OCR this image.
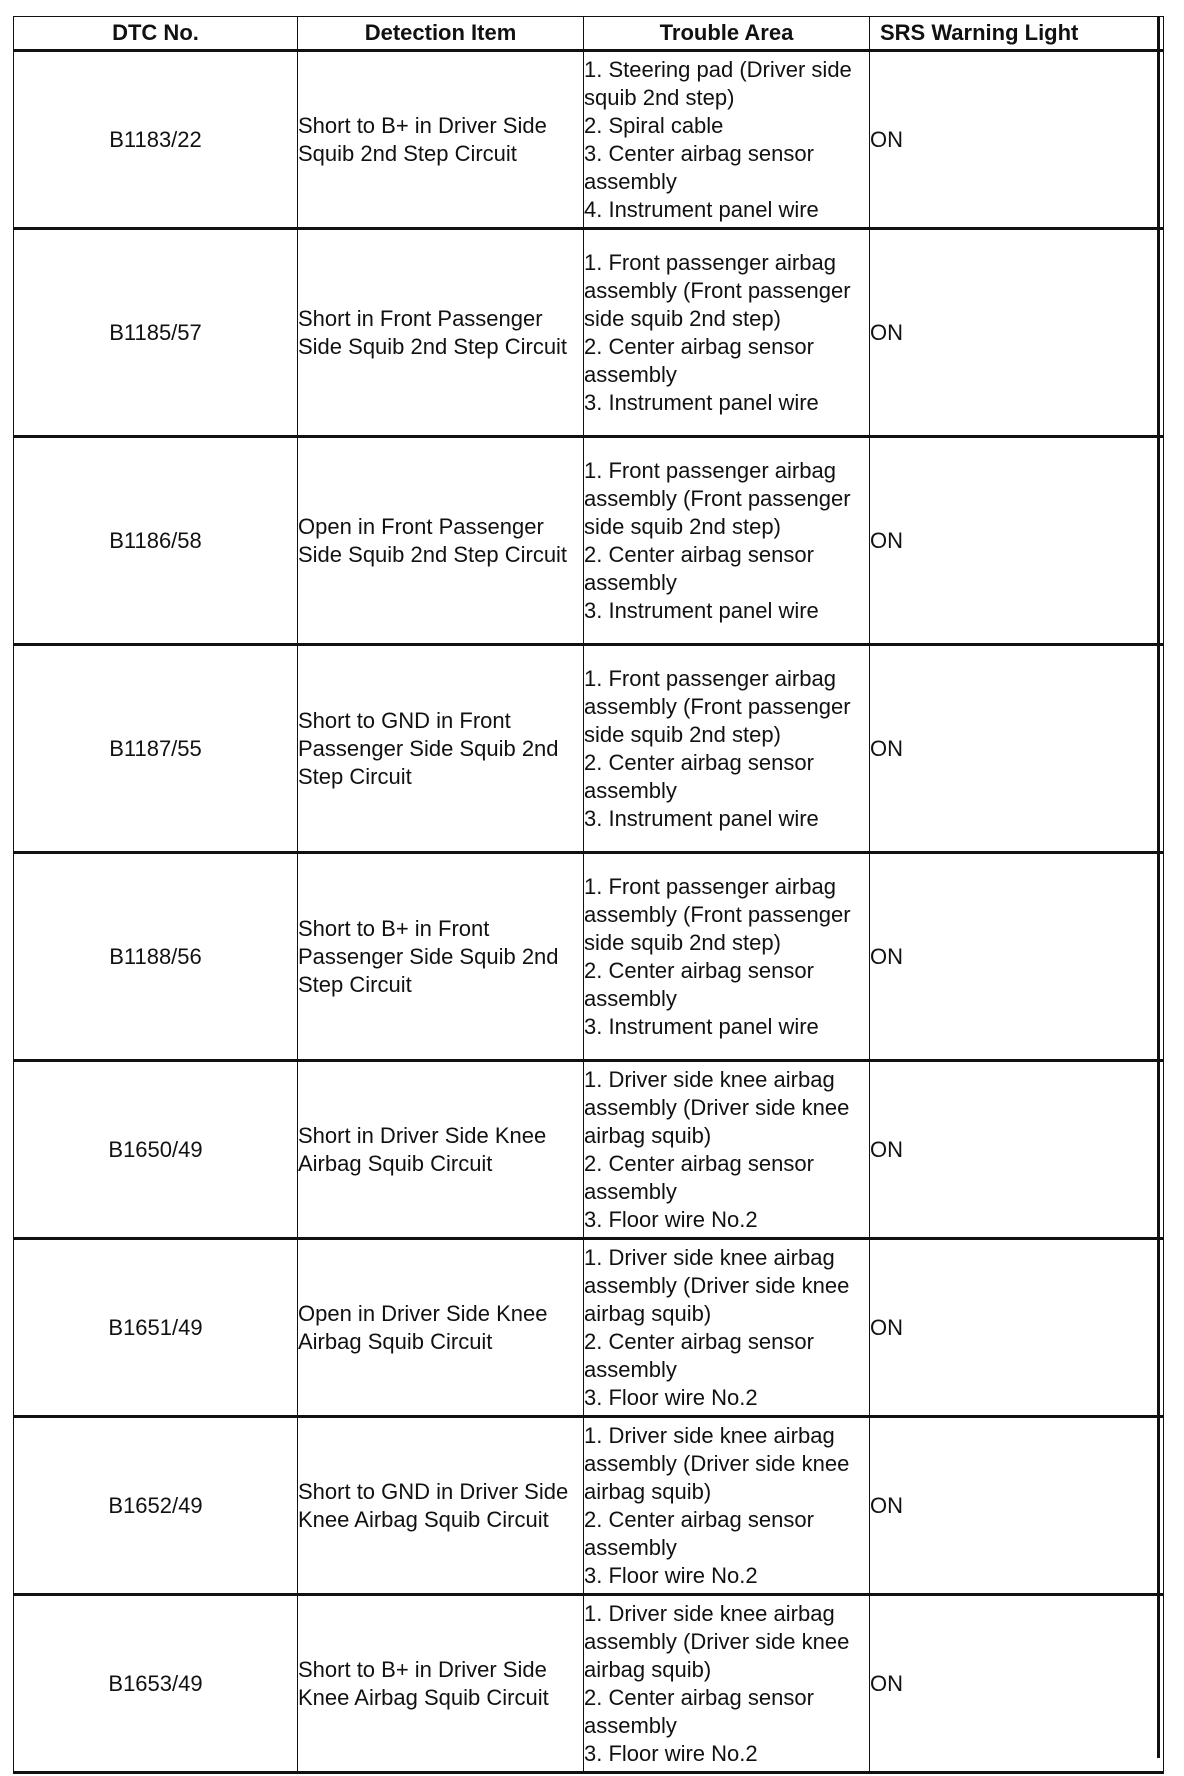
DTC No.	Detection Item	Trouble Area	SRS Warning Light
B1183/22	Short to B+ in Driver Side Squib 2nd Step Circuit	1. Steering pad (Driver side squib 2nd step)
2. Spiral cable
3. Center airbag sensor assembly
4. Instrument panel wire	ON
B1185/57	Short in Front Passenger Side Squib 2nd Step Circuit	1. Front passenger airbag assembly (Front passenger side squib 2nd step)
2. Center airbag sensor assembly
3. Instrument panel wire	ON
B1186/58	Open in Front Passenger Side Squib 2nd Step Circuit	1. Front passenger airbag assembly (Front passenger side squib 2nd step)
2. Center airbag sensor assembly
3. Instrument panel wire	ON
B1187/55	Short to GND in Front Passenger Side Squib 2nd Step Circuit	1. Front passenger airbag assembly (Front passenger side squib 2nd step)
2. Center airbag sensor assembly
3. Instrument panel wire	ON
B1188/56	Short to B+ in Front Passenger Side Squib 2nd Step Circuit	1. Front passenger airbag assembly (Front passenger side squib 2nd step)
2. Center airbag sensor assembly
3. Instrument panel wire	ON
B1650/49	Short in Driver Side Knee Airbag Squib Circuit	1. Driver side knee airbag assembly (Driver side knee airbag squib)
2. Center airbag sensor assembly
3. Floor wire No.2	ON
B1651/49	Open in Driver Side Knee Airbag Squib Circuit	1. Driver side knee airbag assembly (Driver side knee airbag squib)
2. Center airbag sensor assembly
3. Floor wire No.2	ON
B1652/49	Short to GND in Driver Side Knee Airbag Squib Circuit	1. Driver side knee airbag assembly (Driver side knee airbag squib)
2. Center airbag sensor assembly
3. Floor wire No.2	ON
B1653/49	Short to B+ in Driver Side Knee Airbag Squib Circuit	1. Driver side knee airbag assembly (Driver side knee airbag squib)
2. Center airbag sensor assembly
3. Floor wire No.2	ON
